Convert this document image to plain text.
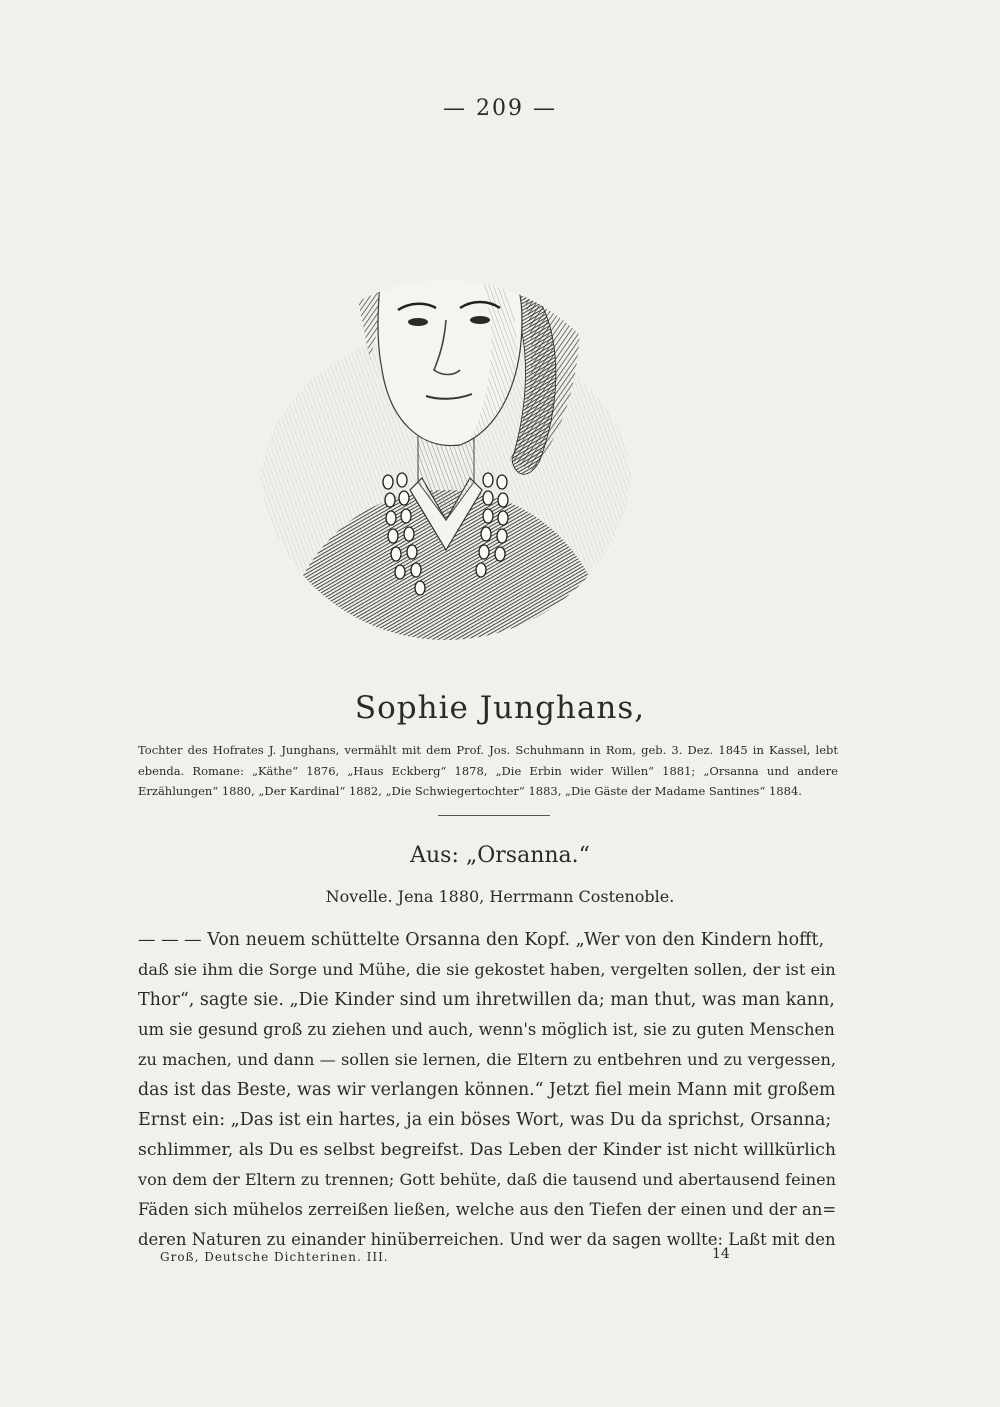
— 209 —
Sophie Junghans,
Tochter des Hofrates J. Junghans, vermählt mit dem Prof. Jos. Schuhmann in Rom, geb. 3. Dez. 1845 in Kassel, lebt ebenda. Romane: „Käthe“ 1876, „Haus Eckberg“ 1878, „Die Erbin wider Willen“ 1881; „Orsanna und andere Erzählungen“ 1880, „Der Kardinal“ 1882, „Die Schwiegertochter“ 1883, „Die Gäste der Madame Santines“ 1884.
Aus: „Orsanna.“
Novelle. Jena 1880, Herrmann Costenoble.
— — — Von neuem schüttelte Orsanna den Kopf. „Wer von den Kindern hofft,
daß sie ihm die Sorge und Mühe, die sie gekostet haben, vergelten sollen, der ist ein
Thor“, sagte sie. „Die Kinder sind um ihretwillen da; man thut, was man kann,
um sie gesund groß zu ziehen und auch, wenn's möglich ist, sie zu guten Menschen
zu machen, und dann — sollen sie lernen, die Eltern zu entbehren und zu vergessen,
das ist das Beste, was wir verlangen können.“ Jetzt fiel mein Mann mit großem
Ernst ein: „Das ist ein hartes, ja ein böses Wort, was Du da sprichst, Orsanna;
schlimmer, als Du es selbst begreifst. Das Leben der Kinder ist nicht willkürlich
von dem der Eltern zu trennen; Gott behüte, daß die tausend und abertausend feinen
Fäden sich mühelos zerreißen ließen, welche aus den Tiefen der einen und der an=
deren Naturen zu einander hinüberreichen. Und wer da sagen wollte: Laßt mit den
Groß, Deutsche Dichterinen. III.	14
